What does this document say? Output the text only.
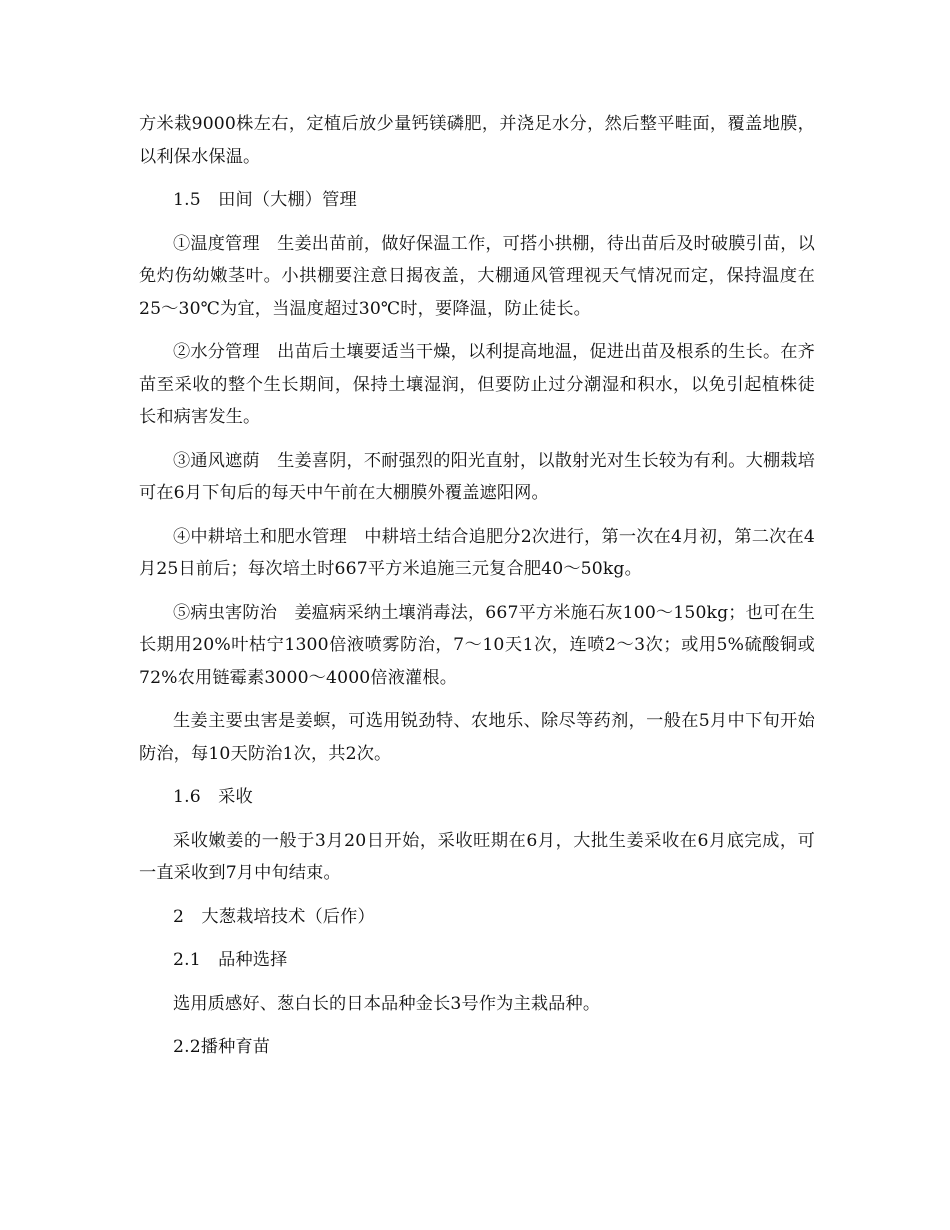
方米栽9000株左右，定植后放少量钙镁磷肥，并浇足水分，然后整平畦面，覆盖地膜，以利保水保温。

1.5　田间（大棚）管理

①温度管理　生姜出苗前，做好保温工作，可搭小拱棚，待出苗后及时破膜引苗，以免灼伤幼嫩茎叶。小拱棚要注意日揭夜盖，大棚通风管理视天气情况而定，保持温度在25～30℃为宜，当温度超过30℃时，要降温，防止徒长。

②水分管理　出苗后土壤要适当干燥，以利提高地温，促进出苗及根系的生长。在齐苗至采收的整个生长期间，保持土壤湿润，但要防止过分潮湿和积水，以免引起植株徒长和病害发生。

③通风遮荫　生姜喜阴，不耐强烈的阳光直射，以散射光对生长较为有利。大棚栽培可在6月下旬后的每天中午前在大棚膜外覆盖遮阳网。

④中耕培土和肥水管理　中耕培土结合追肥分2次进行，第一次在4月初，第二次在4月25日前后；每次培土时667平方米追施三元复合肥40～50kg。

⑤病虫害防治　姜瘟病采纳土壤消毒法，667平方米施石灰100～150kg；也可在生长期用20%叶枯宁1300倍液喷雾防治，7～10天1次，连喷2～3次；或用5%硫酸铜或72%农用链霉素3000～4000倍液灌根。

生姜主要虫害是姜螟，可选用锐劲特、农地乐、除尽等药剂，一般在5月中下旬开始防治，每10天防治1次，共2次。

1.6　采收

采收嫩姜的一般于3月20日开始，采收旺期在6月，大批生姜采收在6月底完成，可一直采收到7月中旬结束。

2　大葱栽培技术（后作）

2.1　品种选择

选用质感好、葱白长的日本品种金长3号作为主栽品种。

2.2播种育苗
